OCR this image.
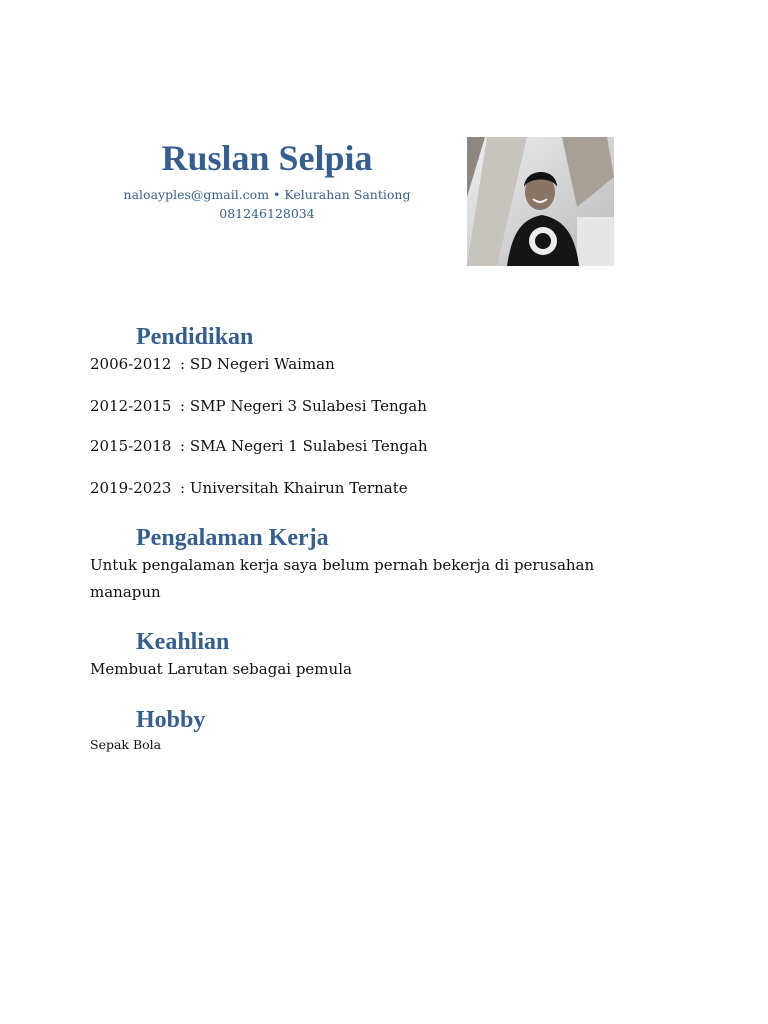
Ruslan Selpia
naloayples@gmail.com • Kelurahan Santiong
081246128034
Pendidikan
2006-2012 : SD Negeri Waiman
2012-2015 : SMP Negeri 3 Sulabesi Tengah
2015-2018 : SMA Negeri 1 Sulabesi Tengah
2019-2023 : Universitah Khairun Ternate
Pengalaman Kerja
Untuk pengalaman kerja saya belum pernah bekerja di perusahan manapun
Keahlian
Membuat Larutan sebagai pemula
Hobby
Sepak Bola
